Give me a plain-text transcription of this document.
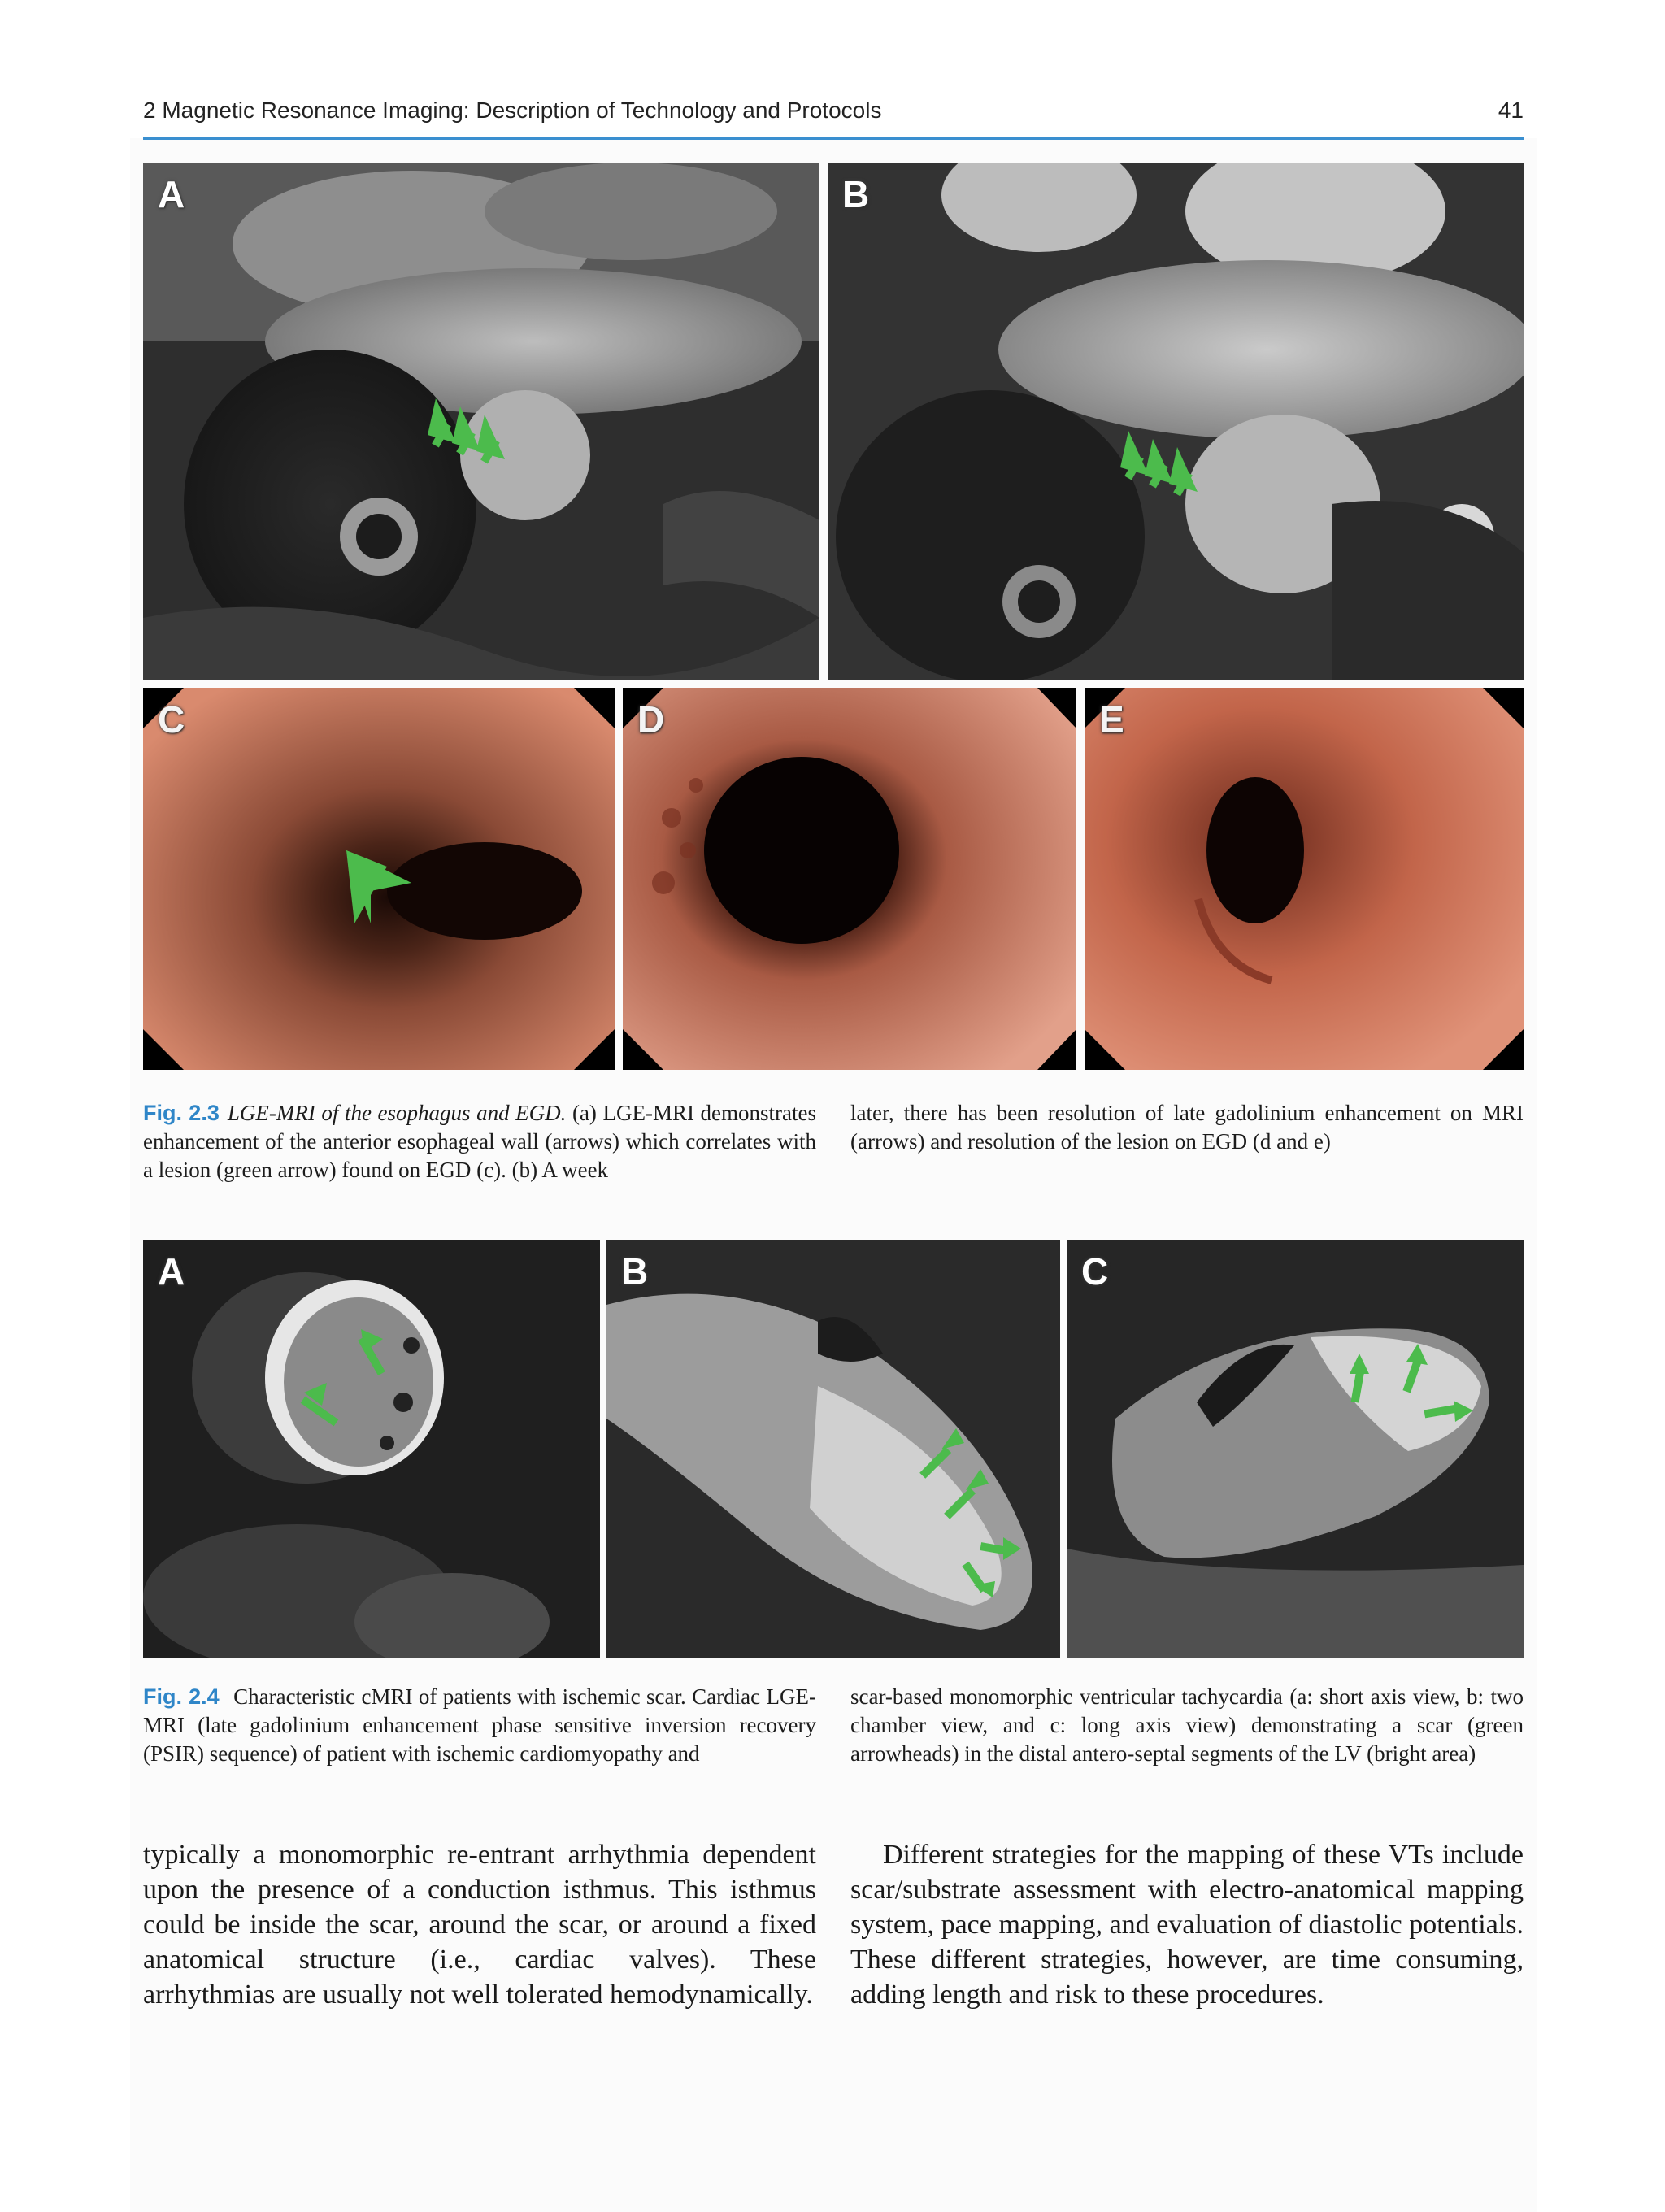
2 Magnetic Resonance Imaging: Description of Technology and Protocols	41
A	B
C	D	E
Fig. 2.3 LGE-MRI of the esophagus and EGD. (a) LGE-MRI demonstrates enhancement of the anterior esophageal wall (arrows) which correlates with a lesion (green arrow) found on EGD (c). (b) A week
later, there has been resolution of late gadolinium enhancement on MRI (arrows) and resolution of the lesion on EGD (d and e)
A	B	C
Fig. 2.4 Characteristic cMRI of patients with ischemic scar. Cardiac LGE-MRI (late gadolinium enhancement phase sensitive inversion recovery (PSIR) sequence) of patient with ischemic cardiomyopathy and
scar-based monomorphic ventricular tachycardia (a: short axis view, b: two chamber view, and c: long axis view) demonstrating a scar (green arrowheads) in the distal antero-septal segments of the LV (bright area)
typically a monomorphic re-entrant arrhythmia dependent upon the presence of a conduction isthmus. This isthmus could be inside the scar, around the scar, or around a fixed anatomical structure (i.e., cardiac valves). These arrhythmias are usually not well tolerated hemodynamically.
Different strategies for the mapping of these VTs include scar/substrate assessment with electro-anatomical mapping system, pace mapping, and evaluation of diastolic potentials. These different strategies, however, are time consuming, adding length and risk to these procedures.
